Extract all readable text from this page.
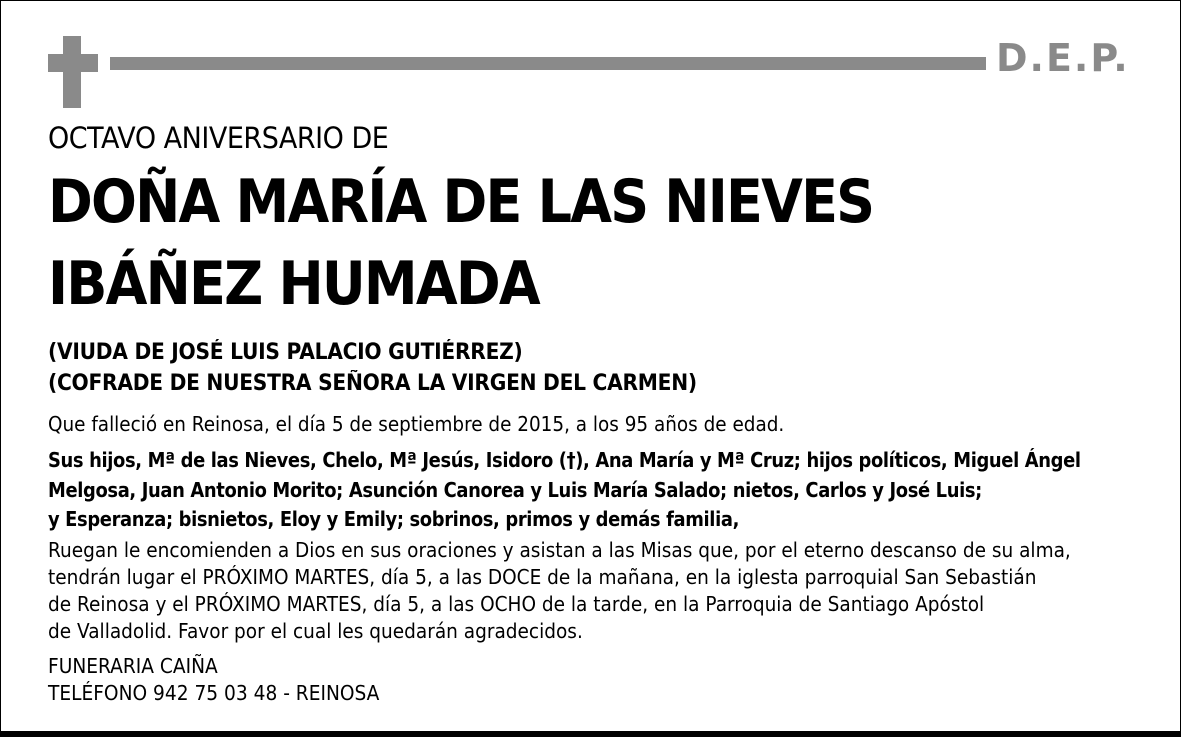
D.E.P.
OCTAVO ANIVERSARIO DE
DOÑA MARÍA DE LAS NIEVES
IBÁÑEZ HUMADA
(VIUDA DE JOSÉ LUIS PALACIO GUTIÉRREZ)
(COFRADE DE NUESTRA SEÑORA LA VIRGEN DEL CARMEN)
Que falleció en Reinosa, el día 5 de septiembre de 2015, a los 95 años de edad.
Sus hijos, Mª de las Nieves, Chelo, Mª Jesús, Isidoro (†), Ana María y Mª Cruz; hijos políticos, Miguel Ángel
Melgosa, Juan Antonio Morito; Asunción Canorea y Luis María Salado; nietos, Carlos y José Luis;
y Esperanza; bisnietos, Eloy y Emily; sobrinos, primos y demás familia,
Ruegan le encomienden a Dios en sus oraciones y asistan a las Misas que, por el eterno descanso de su alma,
tendrán lugar el PRÓXIMO MARTES, día 5, a las DOCE de la mañana, en la iglesta parroquial San Sebastián
de Reinosa y el PRÓXIMO MARTES, día 5, a las OCHO de la tarde, en la Parroquia de Santiago Apóstol
de Valladolid. Favor por el cual les quedarán agradecidos.
FUNERARIA CAIÑA
TELÉFONO 942 75 03 48 - REINOSA
